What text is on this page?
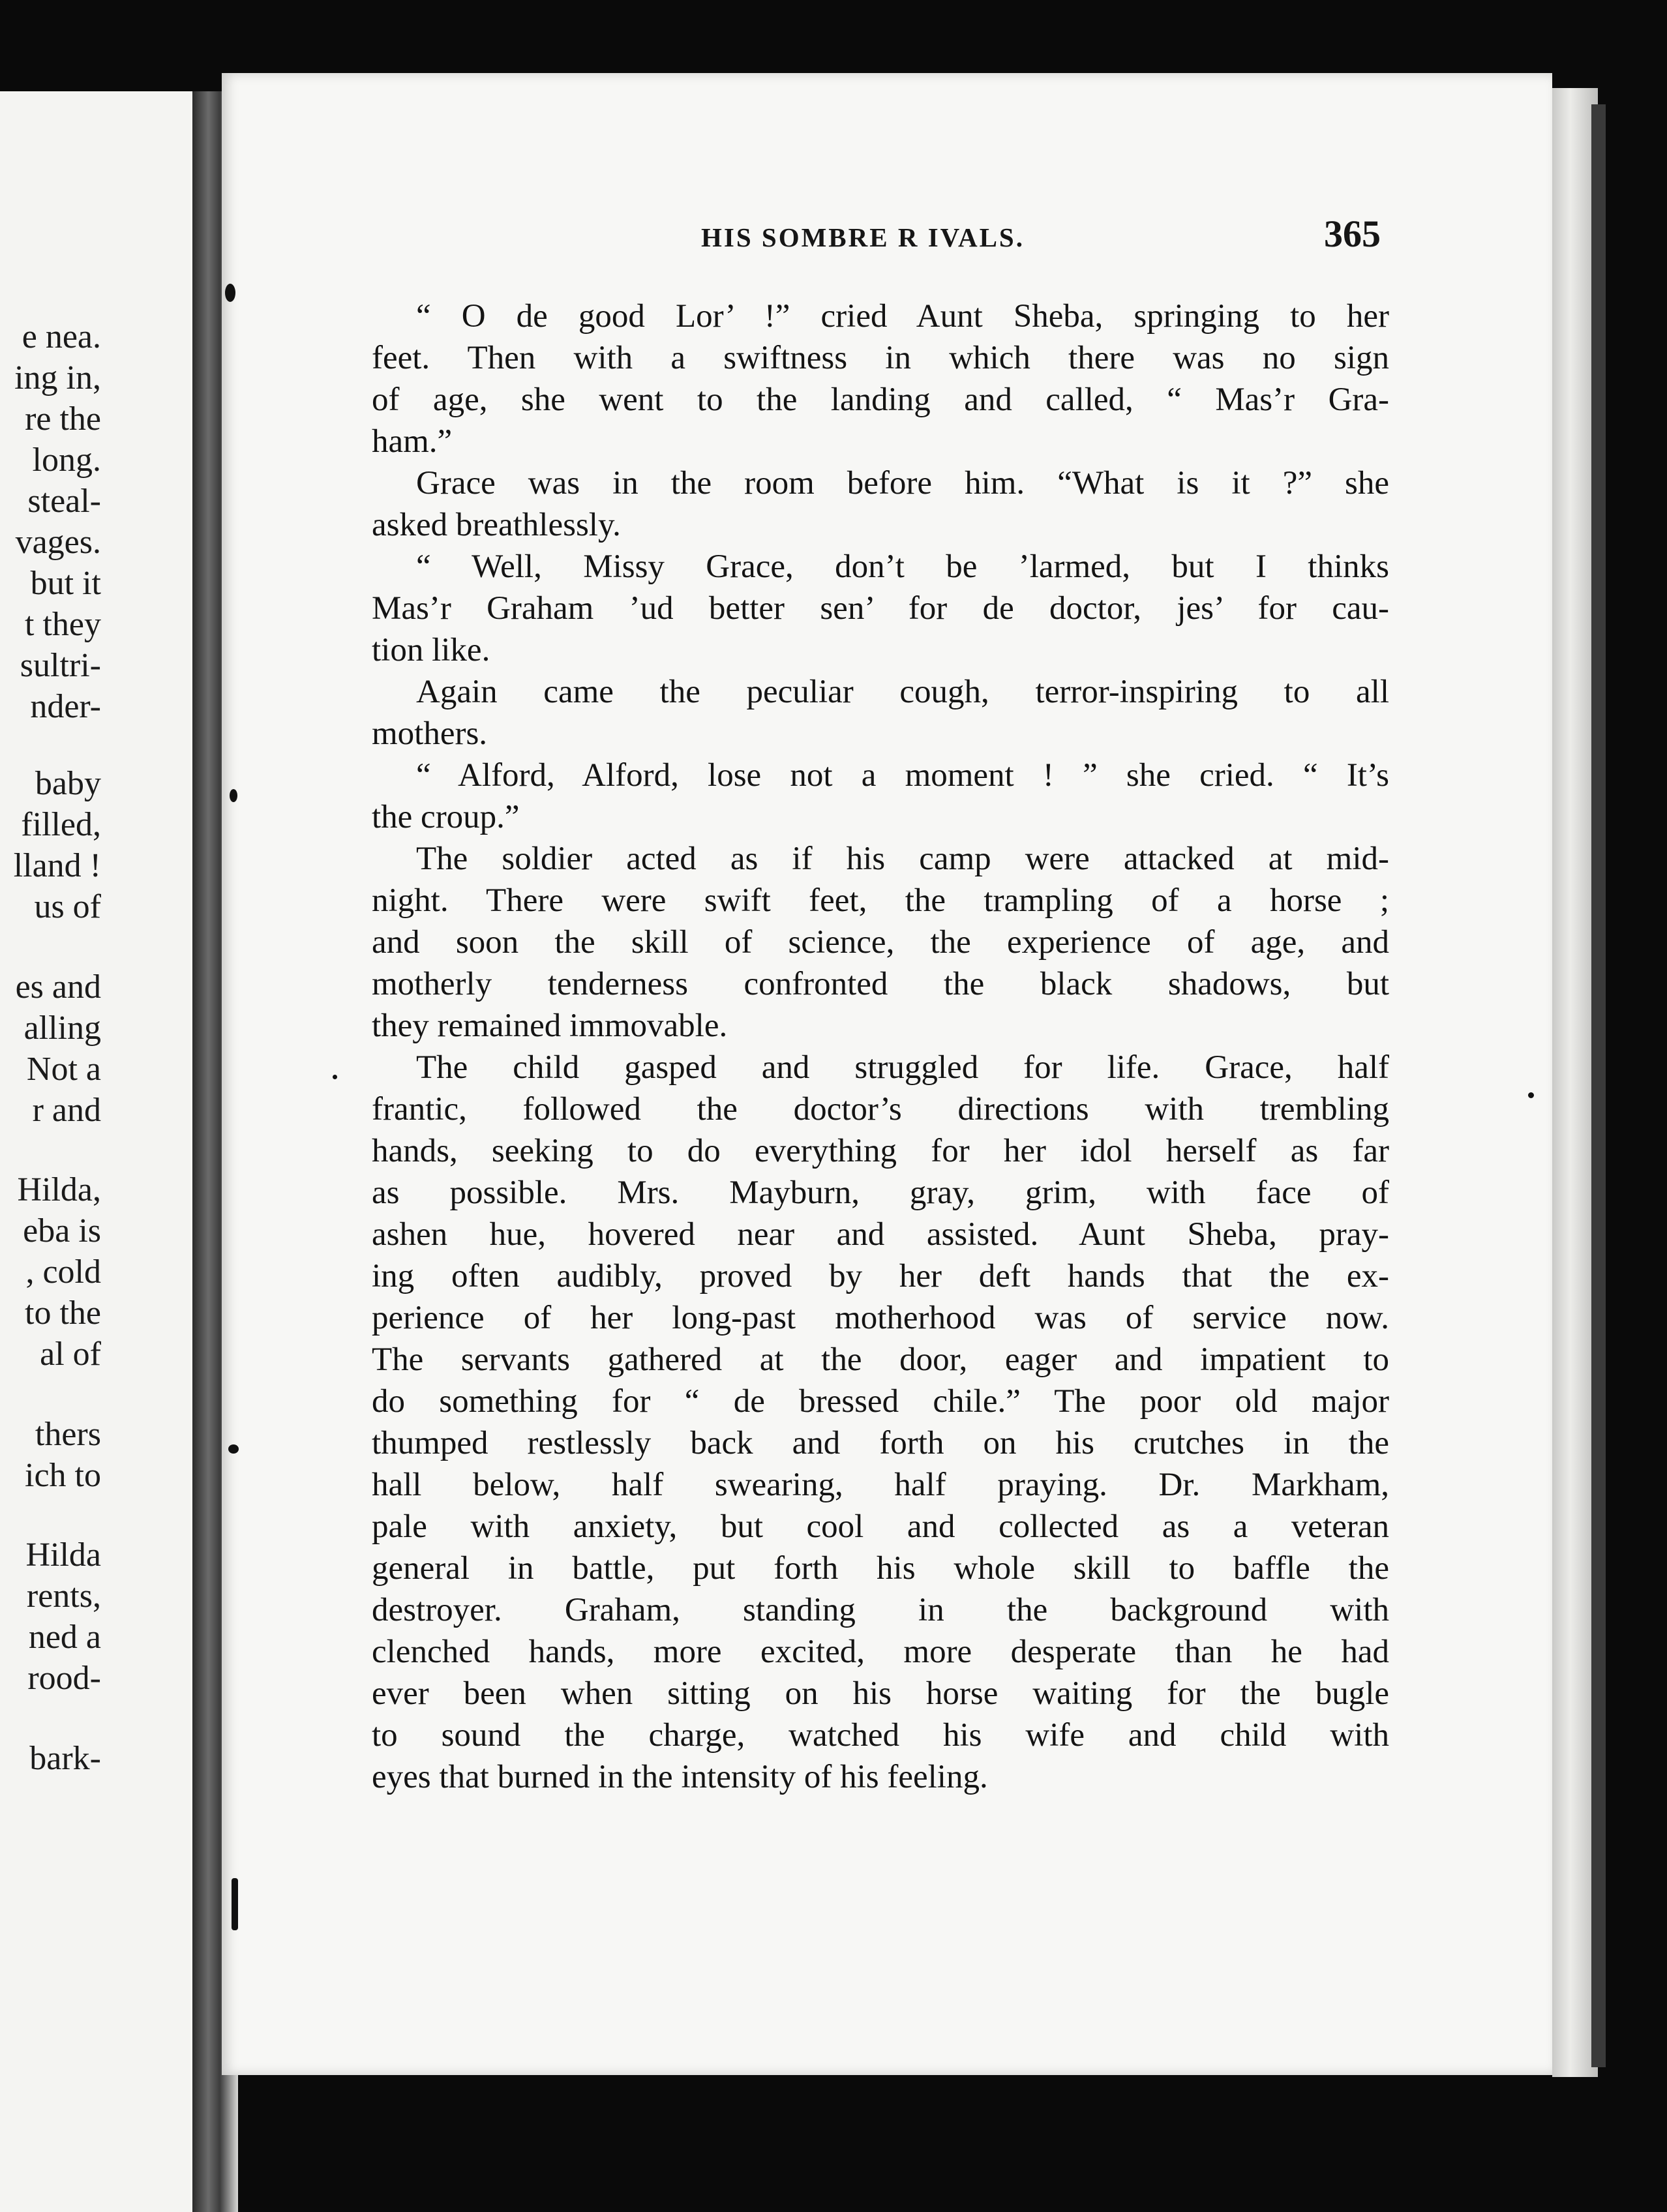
e nea.
ing in,
re the
long.
steal-
vages.
but it
t they
sultri-
nder-
baby
filled,
lland !
us of
es and
alling
Not a
r and
Hilda,
eba is
, cold
to the
al of
thers
ich to
Hilda
rents,
ned a
rood-
bark-
HIS SOMBRE R IVALS.	365
“ O de good Lor’ !” cried Aunt Sheba, springing to her
feet. Then with a swiftness in which there was no sign
of age, she went to the landing and called, “ Mas’r Gra-
ham.”
Grace was in the room before him. “What is it ?” she
asked breathlessly.
“ Well, Missy Grace, don’t be ’larmed, but I thinks
Mas’r Graham ’ud better sen’ for de doctor, jes’ for cau-
tion like.
Again came the peculiar cough, terror-inspiring to all
mothers.
“ Alford, Alford, lose not a moment ! ” she cried. “ It’s
the croup.”
The soldier acted as if his camp were attacked at mid-
night. There were swift feet, the trampling of a horse ;
and soon the skill of science, the experience of age, and
motherly tenderness confronted the black shadows, but
they remained immovable.
The child gasped and struggled for life. Grace, half
frantic, followed the doctor’s directions with trembling
hands, seeking to do everything for her idol herself as far
as possible. Mrs. Mayburn, gray, grim, with face of
ashen hue, hovered near and assisted. Aunt Sheba, pray-
ing often audibly, proved by her deft hands that the ex-
perience of her long-past motherhood was of service now.
The servants gathered at the door, eager and impatient to
do something for “ de bressed chile.” The poor old major
thumped restlessly back and forth on his crutches in the
hall below, half swearing, half praying. Dr. Markham,
pale with anxiety, but cool and collected as a veteran
general in battle, put forth his whole skill to baffle the
destroyer. Graham, standing in the background with
clenched hands, more excited, more desperate than he had
ever been when sitting on his horse waiting for the bugle
to sound the charge, watched his wife and child with
eyes that burned in the intensity of his feeling.
